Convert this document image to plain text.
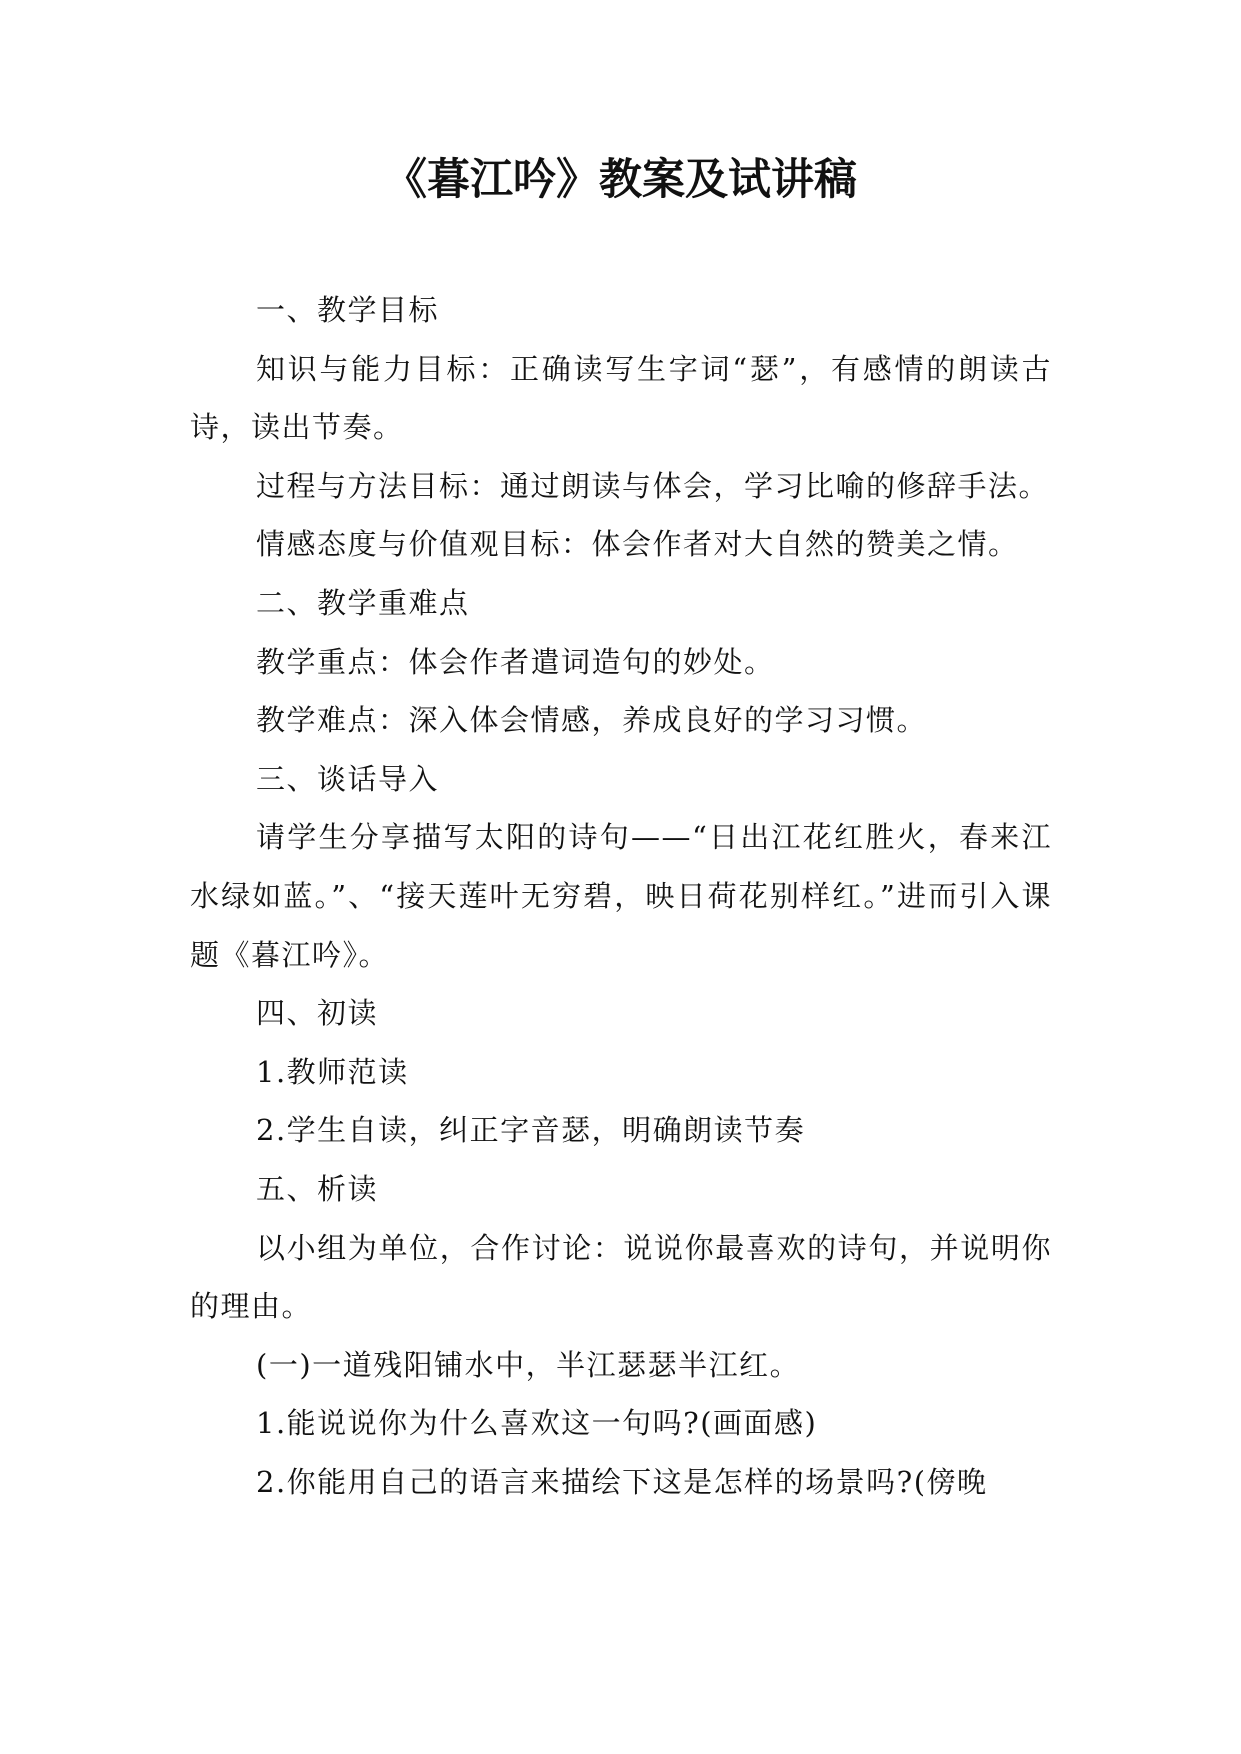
《暮江吟》教案及试讲稿

一、教学目标

知识与能力目标：正确读写生字词“瑟”，有感情的朗读古诗，读出节奏。

过程与方法目标：通过朗读与体会，学习比喻的修辞手法。

情感态度与价值观目标：体会作者对大自然的赞美之情。

二、教学重难点

教学重点：体会作者遣词造句的妙处。

教学难点：深入体会情感，养成良好的学习习惯。

三、谈话导入

请学生分享描写太阳的诗句——“日出江花红胜火，春来江水绿如蓝。”、“接天莲叶无穷碧，映日荷花别样红。”进而引入课题《暮江吟》。

四、初读

1.教师范读

2.学生自读，纠正字音瑟，明确朗读节奏

五、析读

以小组为单位，合作讨论：说说你最喜欢的诗句，并说明你的理由。

(一)一道残阳铺水中，半江瑟瑟半江红。

1.能说说你为什么喜欢这一句吗?(画面感)

2.你能用自己的语言来描绘下这是怎样的场景吗?(傍晚
